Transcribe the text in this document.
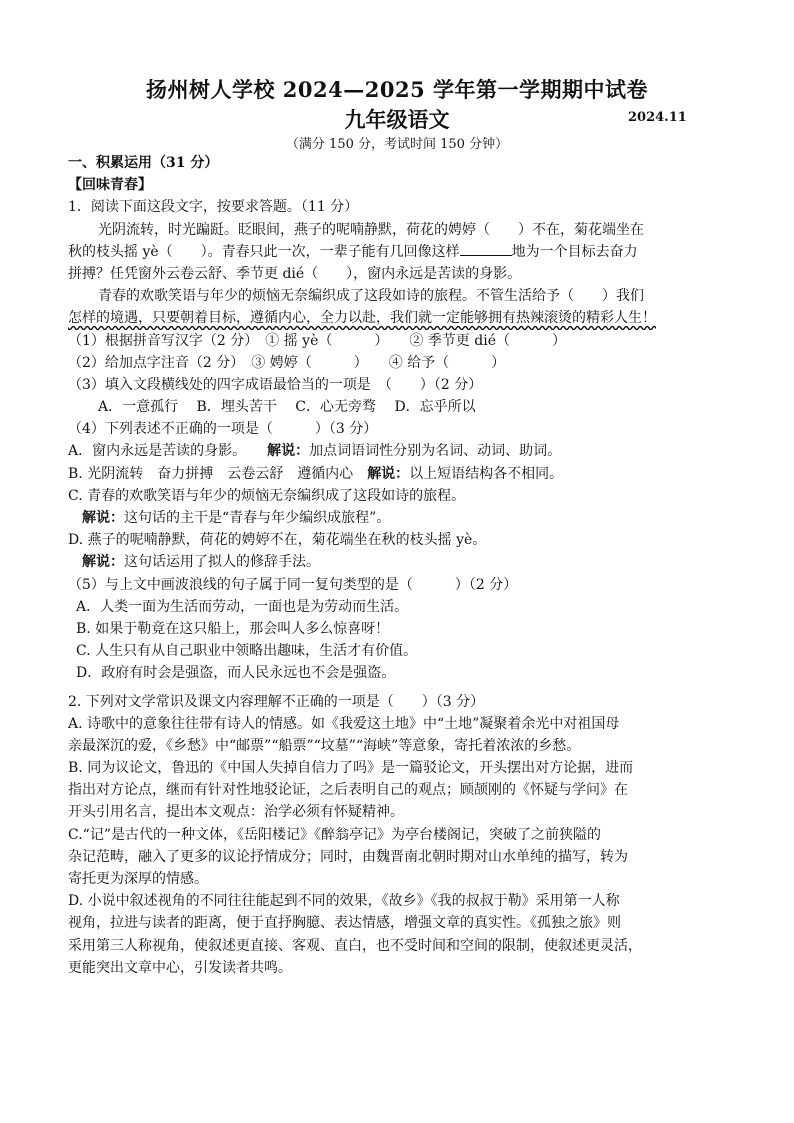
扬州树人学校 2024—2025 学年第一学期期中试卷
九年级语文	2024.11
（满分 150 分，考试时间 150 分钟）
一、积累运用（31 分）
【回味青春】
1．阅读下面这段文字，按要求答题。（11 分）
光阴流转，时光蹁跹。眨眼间，燕子的呢喃静默，荷花的娉婷（　　）不在，菊花端坐在
秋的枝头摇 yè（　　）。青春只此一次，一辈子能有几回像这样	地为一个目标去奋力
拼搏？任凭窗外云卷云舒、季节更 dié（　　），窗内永远是苦读的身影。
青春的欢歌笑语与年少的烦恼无奈编织成了这段如诗的旅程。不管生活给予（　　）我们
怎样的境遇，只要朝着目标，遵循内心，全力以赴，我们就一定能够拥有热辣滚烫的精彩人生！
（1）根据拼音写汉字（2 分）　① 摇 yè（　　　）　　② 季节更 dié（　　　）
（2）给加点字注音（2 分）　③ 娉婷（　　　）　　④ 给予（　　　）
（3）填入文段横线处的四字成语最恰当的一项是　（　　）（2 分）
A．一意孤行　 B．埋头苦干　 C．心无旁骛　 D．忘乎所以
（4）下列表述不正确的一项是（　　　）（3 分）
A．窗内永远是苦读的身影。　　 解说：加点词语词性分别为名词、动词、助词。
B. 光阴流转　奋力拼搏　云卷云舒　遵循内心　 解说：以上短语结构各不相同。
C. 青春的欢歌笑语与年少的烦恼无奈编织成了这段如诗的旅程。
解说：这句话的主干是“青春与年少编织成旅程”。
D. 燕子的呢喃静默，荷花的娉婷不在，菊花端坐在秋的枝头摇 yè。
解说：这句话运用了拟人的修辞手法。
（5）与上文中画波浪线的句子属于同一复句类型的是（　　　）（2 分）
A．人类一面为生活而劳动，一面也是为劳动而生活。
B. 如果于勒竟在这只船上，那会叫人多么惊喜呀！
C. 人生只有从自己职业中领略出趣味，生活才有价值。
D．政府有时会是强盗，而人民永远也不会是强盗。
2. 下列对文学常识及课文内容理解不正确的一项是（　　）（3 分）
A. 诗歌中的意象往往带有诗人的情感。如《我爱这土地》中“土地”凝聚着余光中对祖国母
亲最深沉的爱，《乡愁》中“邮票”“船票”“坟墓”“海峡”等意象，寄托着浓浓的乡愁。
B. 同为议论文，鲁迅的《中国人失掉自信力了吗》是一篇驳论文，开头摆出对方论据，进而
指出对方论点，继而有针对性地驳论证，之后表明自己的观点；顾颉刚的《怀疑与学问》在
开头引用名言，提出本文观点：治学必须有怀疑精神。
C.“记”是古代的一种文体，《岳阳楼记》《醉翁亭记》为亭台楼阁记，突破了之前狭隘的
杂记范畴，融入了更多的议论抒情成分；同时，由魏晋南北朝时期对山水单纯的描写，转为
寄托更为深厚的情感。
D. 小说中叙述视角的不同往往能起到不同的效果，《故乡》《我的叔叔于勒》采用第一人称
视角，拉进与读者的距离，便于直抒胸臆、表达情感，增强文章的真实性。《孤独之旅》则
采用第三人称视角，使叙述更直接、客观、直白，也不受时间和空间的限制，使叙述更灵活，
更能突出文章中心，引发读者共鸣。
